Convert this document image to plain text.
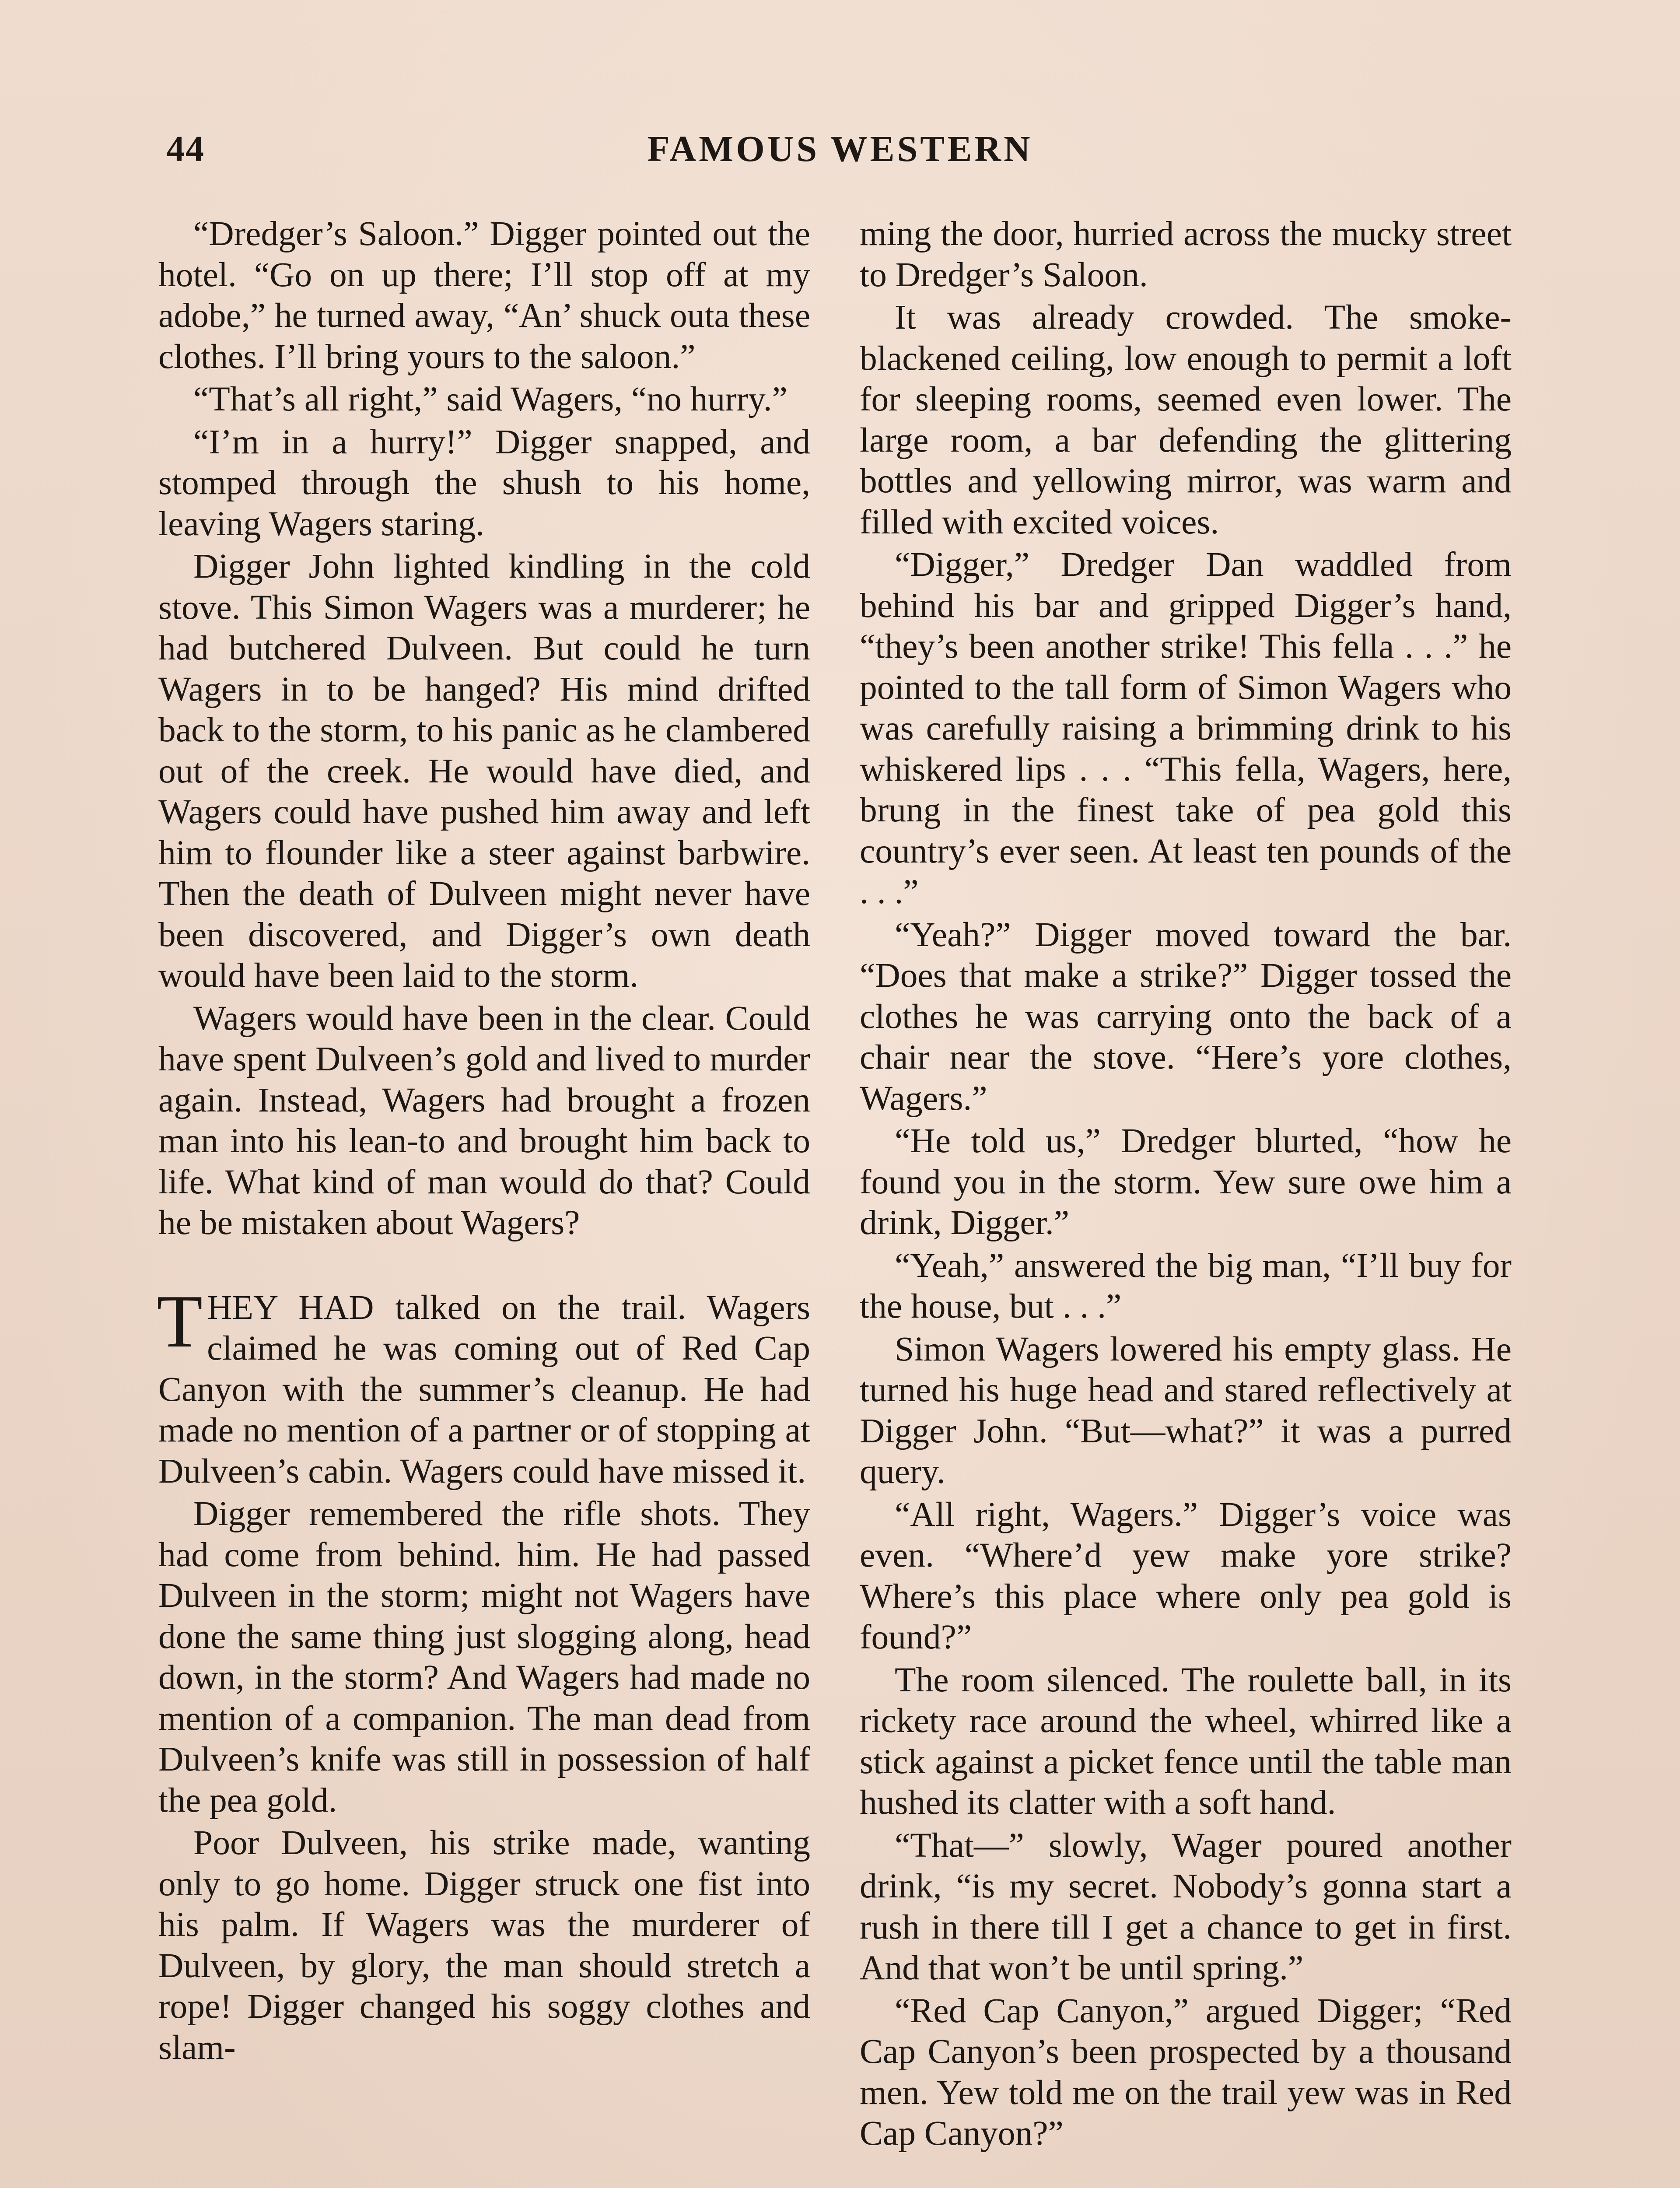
44	FAMOUS WESTERN

“Dredger’s Saloon.” Digger pointed out the hotel. “Go on up there; I’ll stop off at my adobe,” he turned away, “An’ shuck outa these clothes. I’ll bring yours to the saloon.”

“That’s all right,” said Wagers, “no hurry.”

“I’m in a hurry!” Digger snapped, and stomped through the shush to his home, leaving Wagers staring.

Digger John lighted kindling in the cold stove. This Simon Wagers was a murderer; he had butchered Dulveen. But could he turn Wagers in to be hanged? His mind drifted back to the storm, to his panic as he clambered out of the creek. He would have died, and Wagers could have pushed him away and left him to flounder like a steer against barbwire. Then the death of Dulveen might never have been discovered, and Digger’s own death would have been laid to the storm.

Wagers would have been in the clear. Could have spent Dulveen’s gold and lived to murder again. Instead, Wagers had brought a frozen man into his lean-to and brought him back to life. What kind of man would do that? Could he be mistaken about Wagers?

THEY HAD talked on the trail. Wagers claimed he was coming out of Red Cap Canyon with the summer’s cleanup. He had made no mention of a partner or of stopping at Dulveen’s cabin. Wagers could have missed it.

Digger remembered the rifle shots. They had come from behind. him. He had passed Dulveen in the storm; might not Wagers have done the same thing just slogging along, head down, in the storm? And Wagers had made no mention of a companion. The man dead from Dulveen’s knife was still in possession of half the pea gold.

Poor Dulveen, his strike made, wanting only to go home. Digger struck one fist into his palm. If Wagers was the murderer of Dulveen, by glory, the man should stretch a rope! Digger changed his soggy clothes and slam-

ming the door, hurried across the mucky street to Dredger’s Saloon.

It was already crowded. The smoke-blackened ceiling, low enough to permit a loft for sleeping rooms, seemed even lower. The large room, a bar defending the glittering bottles and yellowing mirror, was warm and filled with excited voices.

“Digger,” Dredger Dan waddled from behind his bar and gripped Digger’s hand, “they’s been another strike! This fella . . .” he pointed to the tall form of Simon Wagers who was carefully raising a brimming drink to his whiskered lips . . . “This fella, Wagers, here, brung in the finest take of pea gold this country’s ever seen. At least ten pounds of the . . .”

“Yeah?” Digger moved toward the bar. “Does that make a strike?” Digger tossed the clothes he was carrying onto the back of a chair near the stove. “Here’s yore clothes, Wagers.”

“He told us,” Dredger blurted, “how he found you in the storm. Yew sure owe him a drink, Digger.”

“Yeah,” answered the big man, “I’ll buy for the house, but . . .”

Simon Wagers lowered his empty glass. He turned his huge head and stared reflectively at Digger John. “But—what?” it was a purred query.

“All right, Wagers.” Digger’s voice was even. “Where’d yew make yore strike? Where’s this place where only pea gold is found?”

The room silenced. The roulette ball, in its rickety race around the wheel, whirred like a stick against a picket fence until the table man hushed its clatter with a soft hand.

“That—” slowly, Wager poured another drink, “is my secret. Nobody’s gonna start a rush in there till I get a chance to get in first. And that won’t be until spring.”

“Red Cap Canyon,” argued Digger; “Red Cap Canyon’s been prospected by a thousand men. Yew told me on the trail yew was in Red Cap Canyon?”
